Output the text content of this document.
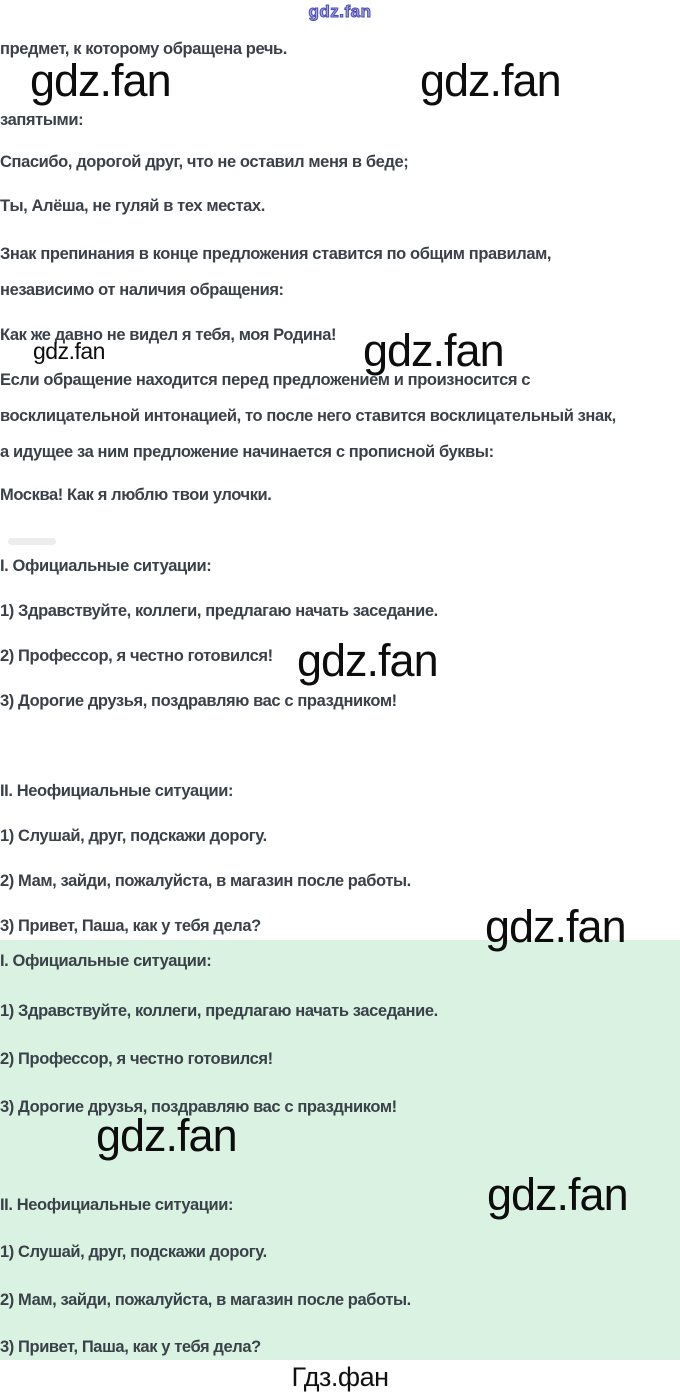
предмет, к которому обращена речь.
запятыми:
Спасибо, дорогой друг, что не оставил меня в беде;
Ты, Алёша, не гуляй в тех местах.
Знак препинания в конце предложения ставится по общим правилам,
независимо от наличия обращения:
Как же давно не видел я тебя, моя Родина!
Если обращение находится перед предложением и произносится с
восклицательной интонацией, то после него ставится восклицательный знак,
а идущее за ним предложение начинается с прописной буквы:
Москва! Как я люблю твои улочки.
I. Официальные ситуации:
1) Здравствуйте, коллеги, предлагаю начать заседание.
2) Профессор, я честно готовился!
3) Дорогие друзья, поздравляю вас с праздником!
II. Неофициальные ситуации:
1) Слушай, друг, подскажи дорогу.
2) Мам, зайди, пожалуйста, в магазин после работы.
3) Привет, Паша, как у тебя дела?
I. Официальные ситуации:
1) Здравствуйте, коллеги, предлагаю начать заседание.
2) Профессор, я честно готовился!
3) Дорогие друзья, поздравляю вас с праздником!
II. Неофициальные ситуации:
1) Слушай, друг, подскажи дорогу.
2) Мам, зайди, пожалуйста, в магазин после работы.
3) Привет, Паша, как у тебя дела?
gdz.fan
gdz.fan	gdz.fan
gdz.fan	gdz.fan
gdz.fan
gdz.fan
gdz.fan
gdz.fan
Гдз.фан
